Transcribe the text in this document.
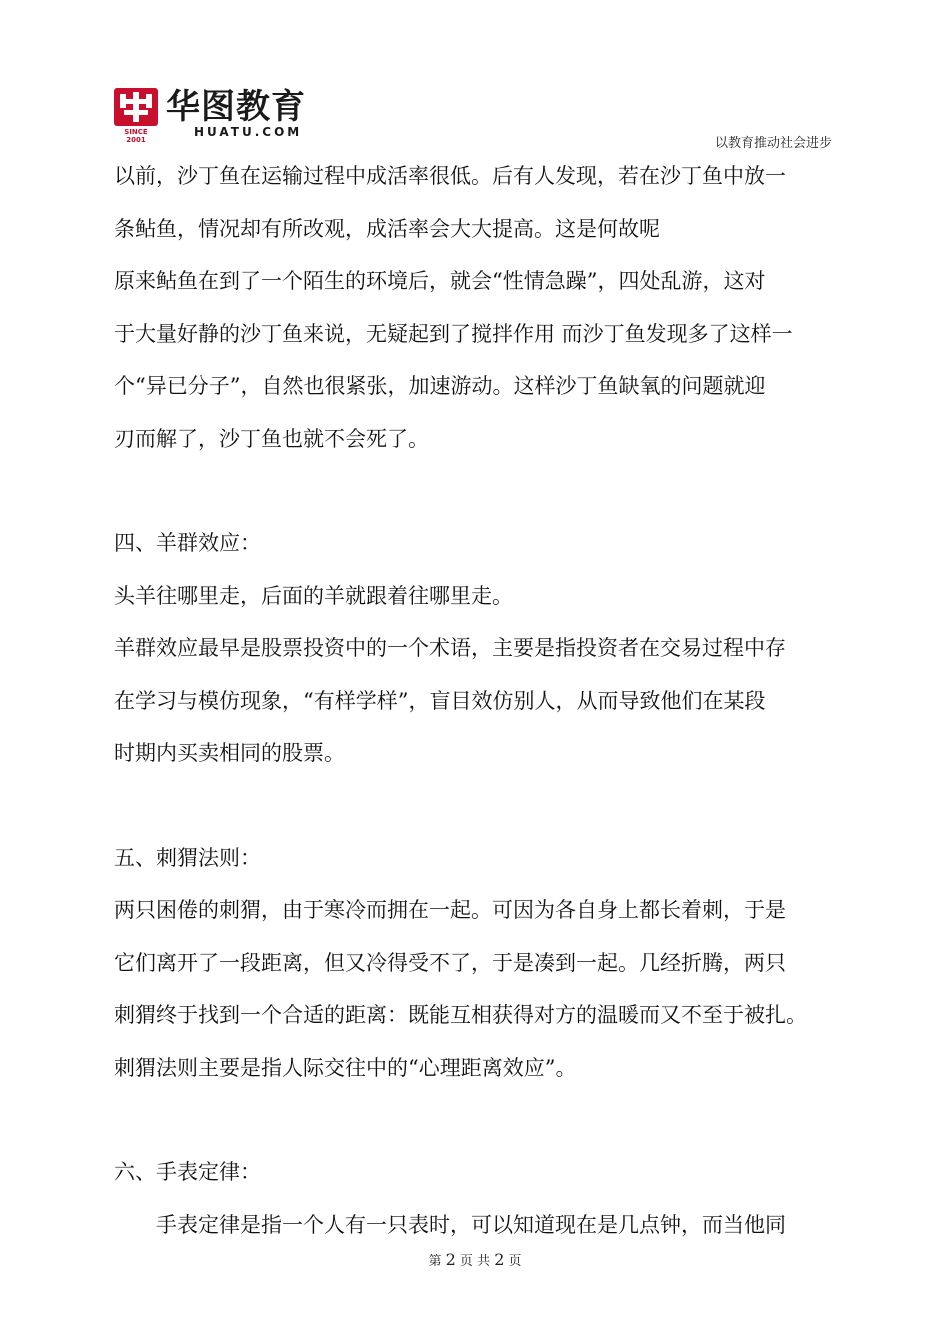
SINCE 2001
华图教育
HUATU.COM
以教育推动社会进步

以前，沙丁鱼在运输过程中成活率很低。后有人发现，若在沙丁鱼中放一

条鲇鱼，情况却有所改观，成活率会大大提高。这是何故呢

原来鲇鱼在到了一个陌生的环境后，就会“性情急躁”，四处乱游，这对

于大量好静的沙丁鱼来说，无疑起到了搅拌作用 而沙丁鱼发现多了这样一

个“异已分子”，自然也很紧张，加速游动。这样沙丁鱼缺氧的问题就迎

刃而解了，沙丁鱼也就不会死了。

四、羊群效应：

头羊往哪里走，后面的羊就跟着往哪里走。

羊群效应最早是股票投资中的一个术语，主要是指投资者在交易过程中存

在学习与模仿现象，“有样学样”，盲目效仿别人，从而导致他们在某段

时期内买卖相同的股票。

五、刺猬法则：

两只困倦的刺猬，由于寒冷而拥在一起。可因为各自身上都长着刺，于是

它们离开了一段距离，但又冷得受不了，于是凑到一起。几经折腾，两只

刺猬终于找到一个合适的距离：既能互相获得对方的温暖而又不至于被扎。

刺猬法则主要是指人际交往中的“心理距离效应”。

六、手表定律：

手表定律是指一个人有一只表时，可以知道现在是几点钟，而当他同

第 2 页 共 2 页
